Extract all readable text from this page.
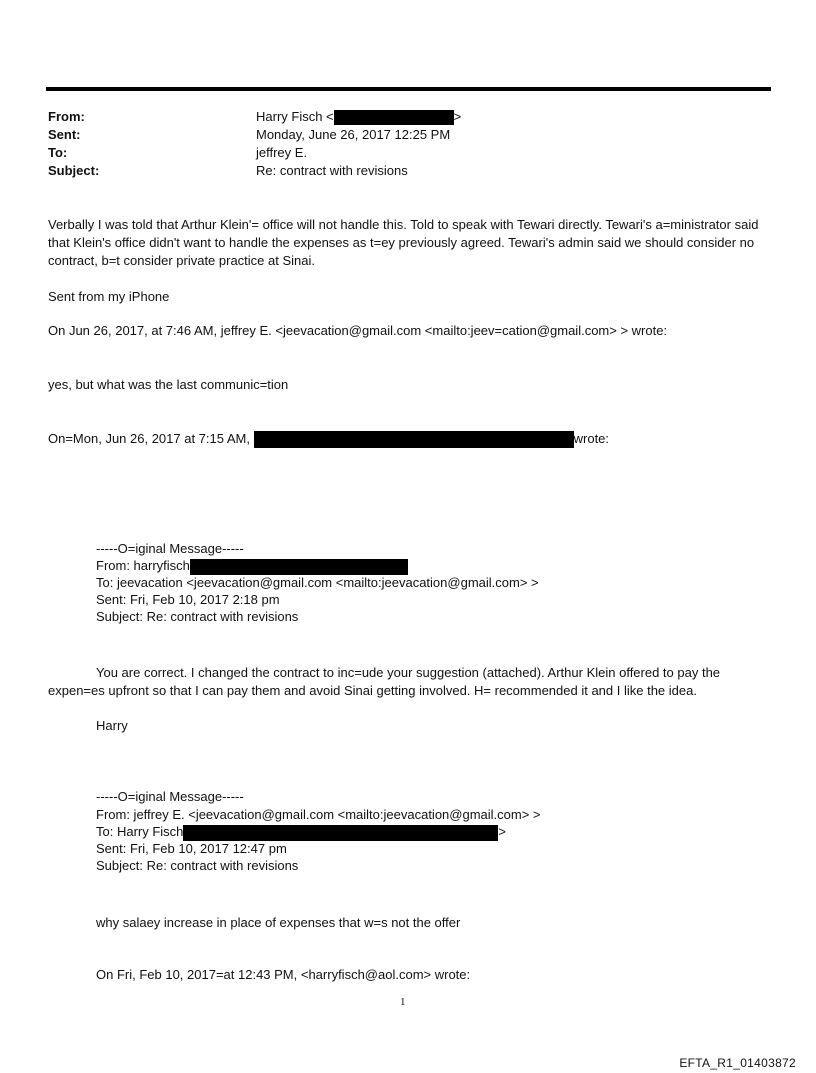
From:	Harry Fisch <	>
Sent:	Monday, June 26, 2017 12:25 PM
To:	jeffrey E.
Subject:	Re: contract with revisions
Verbally I was told that Arthur Klein'= office will not handle this. Told to speak with Tewari directly. Tewari's a=ministrator said that Klein's office didn't want to handle the expenses as t=ey previously agreed. Tewari's admin said we should consider no contract, b=t consider private practice at Sinai.
Sent from my iPhone
On Jun 26, 2017, at 7:46 AM, jeffrey E. <jeevacation@gmail.com <mailto:jeev=cation@gmail.com> > wrote:
yes, but what was the last communic=tion
On=Mon, Jun 26, 2017 at 7:15 AM,	wrote:
-----O=iginal Message-----
From: harryfisch
To: jeevacation <jeevacation@gmail.com <mailto:jeevacation@gmail.com> >
Sent: Fri, Feb 10, 2017 2:18 pm
Subject: Re: contract with revisions
You are correct. I changed the contract to inc=ude your suggestion (attached). Arthur Klein offered to pay the expen=es upfront so that I can pay them and avoid Sinai getting involved. H= recommended it and I like the idea.
Harry
-----O=iginal Message-----
From: jeffrey E. <jeevacation@gmail.com <mailto:jeevacation@gmail.com> >
To: Harry Fisch	>
Sent: Fri, Feb 10, 2017 12:47 pm
Subject: Re: contract with revisions
why salaey increase in place of expenses that w=s not the offer
On Fri, Feb 10, 2017=at 12:43 PM, <harryfisch@aol.com> wrote:
1
EFTA_R1_01403872
